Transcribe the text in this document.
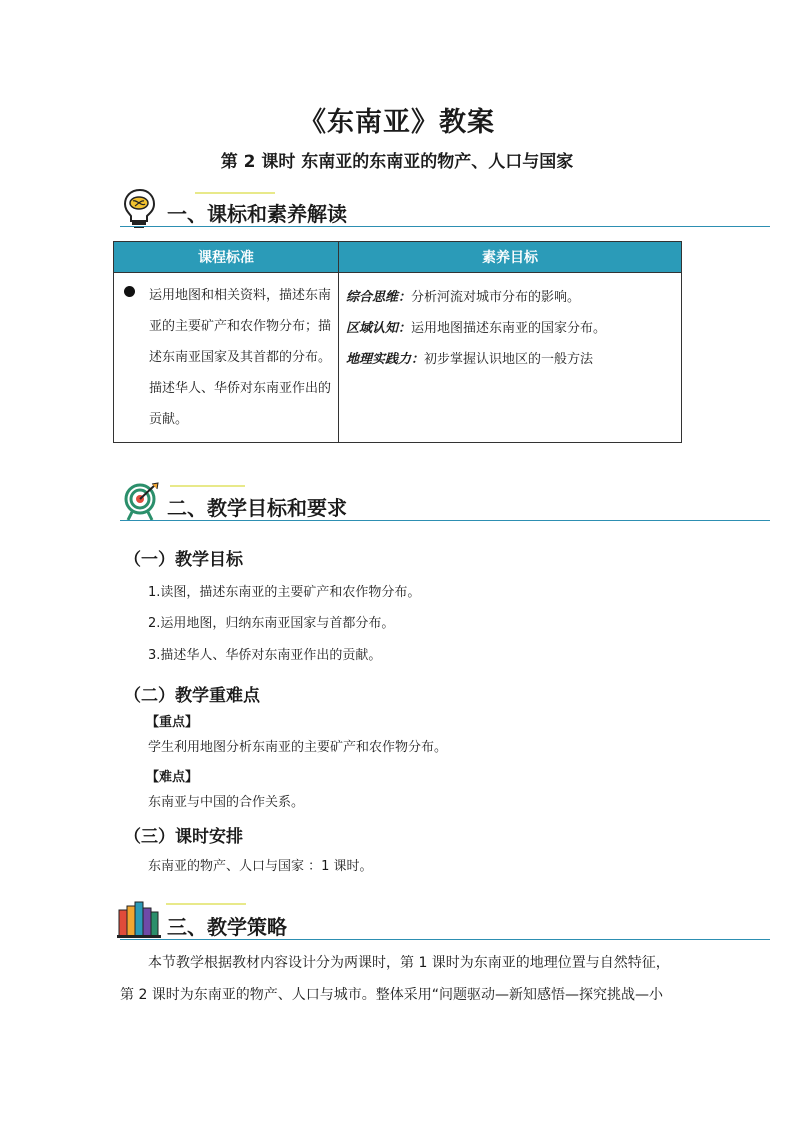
《东南亚》教案
第 2 课时 东南亚的东南亚的物产、人口与国家
一、课标和素养解读
课程标准	素养目标

运用地图和相关资料，描述东南亚的主要矿产和农作物分布；描述东南亚国家及其首都的分布。描述华人、华侨对东南亚作出的贡献。	综合思维：分析河流对城市分布的影响。
区域认知：运用地图描述东南亚的国家分布。
地理实践力：初步掌握认识地区的一般方法
二、教学目标和要求
（一）教学目标
1.读图，描述东南亚的主要矿产和农作物分布。
2.运用地图，归纳东南亚国家与首都分布。
3.描述华人、华侨对东南亚作出的贡献。
（二）教学重难点
【重点】
学生利用地图分析东南亚的主要矿产和农作物分布。
【难点】
东南亚与中国的合作关系。
（三）课时安排
东南亚的物产、人口与国家 ：1 课时。
三、教学策略
本节教学根据教材内容设计分为两课时，第 1 课时为东南亚的地理位置与自然特征，
第 2 课时为东南亚的物产、人口与城市。整体采用“问题驱动—新知感悟—探究挑战—小
